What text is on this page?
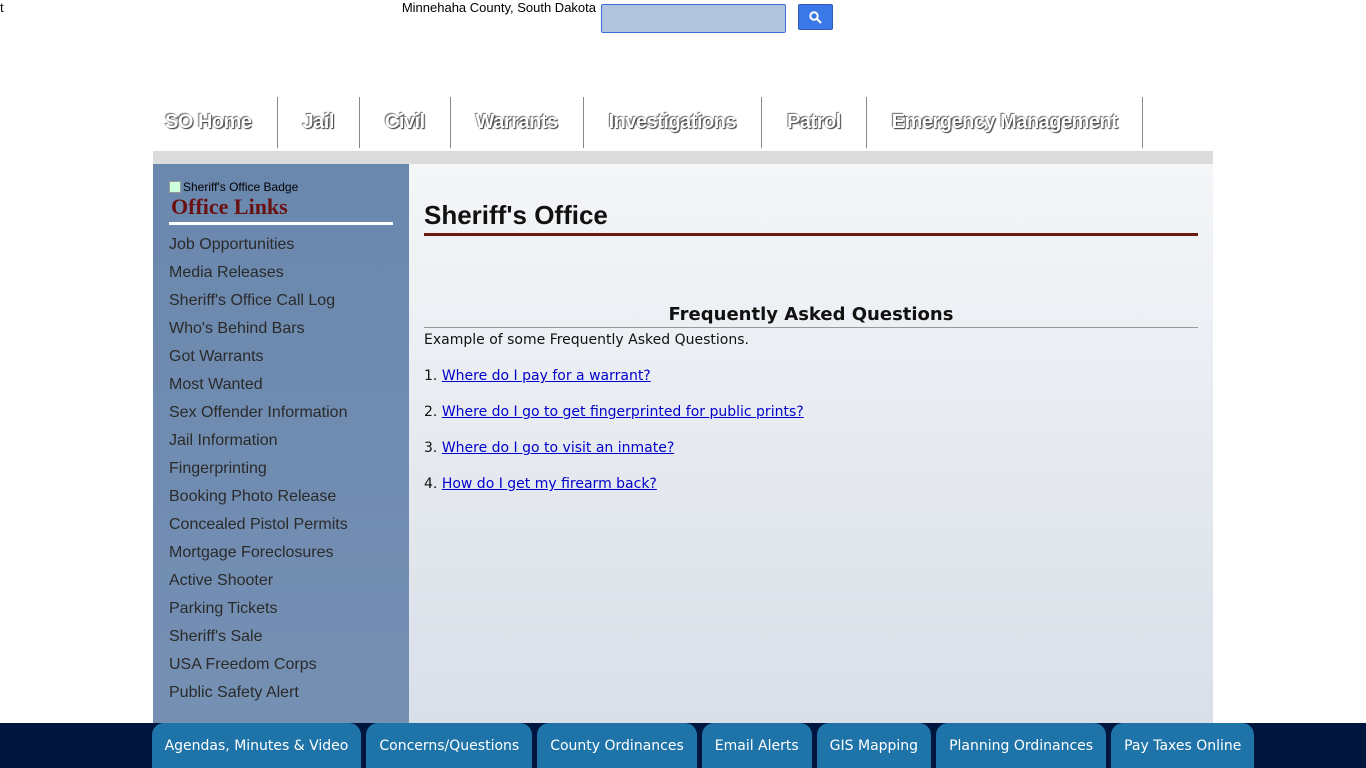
t	Minnehaha County, South Dakota
SO Home	Jail	Civil	Warrants	Investigations	Patrol	Emergency Management
Sheriff's Office Badge
Office Links
Job Opportunities
Media Releases
Sheriff's Office Call Log
Who's Behind Bars
Got Warrants
Most Wanted
Sex Offender Information
Jail Information
Fingerprinting
Booking Photo Release
Concealed Pistol Permits
Mortgage Foreclosures
Active Shooter
Parking Tickets
Sheriff's Sale
USA Freedom Corps
Public Safety Alert
Sheriff's Office
Frequently Asked Questions

Example of some Frequently Asked Questions.

1. Where do I pay for a warrant?

2. Where do I go to get fingerprinted for public prints?

3. Where do I go to visit an inmate?

4. How do I get my firearm back?

Agendas, Minutes & Video	Concerns/Questions	County Ordinances	Email Alerts	GIS Mapping	Planning Ordinances	Pay Taxes Online
